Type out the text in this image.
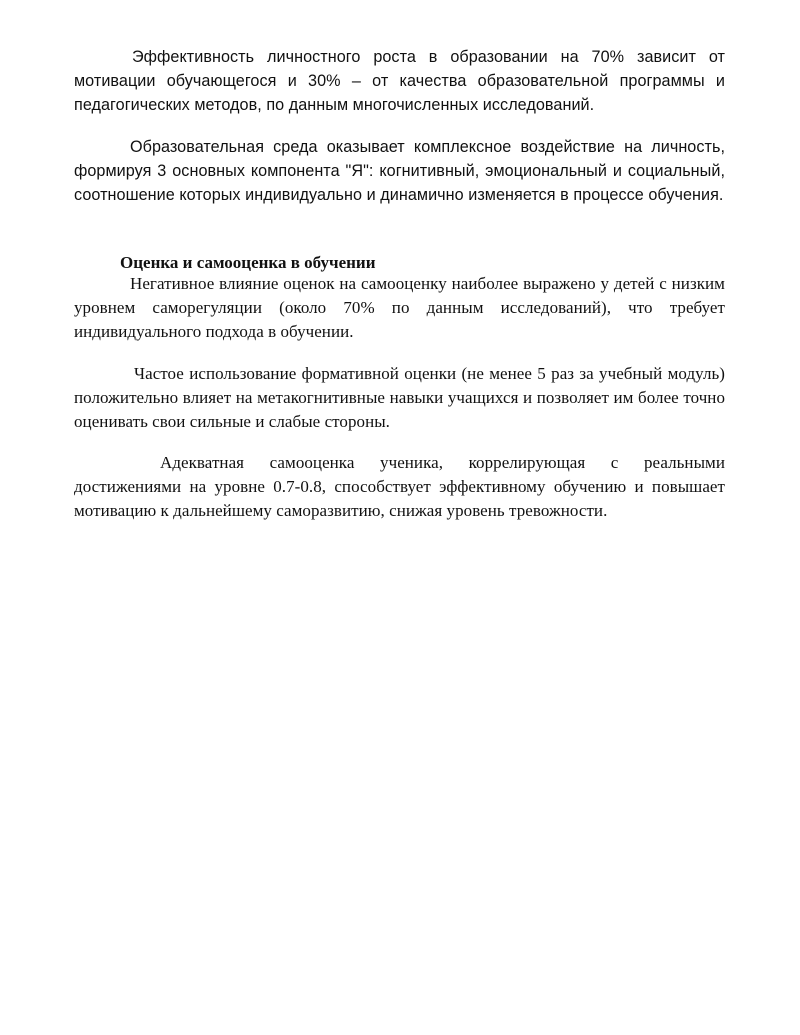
Эффективность личностного роста в образовании на 70% зависит от мотивации обучающегося и 30% – от качества образовательной программы и педагогических методов, по данным многочисленных исследований.

Образовательная среда оказывает комплексное воздействие на личность, формируя 3 основных компонента "Я": когнитивный, эмоциональный и социальный, соотношение которых индивидуально и динамично изменяется в процессе обучения.

Оценка и самооценка в обучении

Негативное влияние оценок на самооценку наиболее выражено у детей с низким уровнем саморегуляции (около 70% по данным исследований), что требует индивидуального подхода в обучении.

Частое использование формативной оценки (не менее 5 раз за учебный модуль) положительно влияет на метакогнитивные навыки учащихся и позволяет им более точно оценивать свои сильные и слабые стороны.

Адекватная самооценка ученика, коррелирующая с реальными достижениями на уровне 0.7-0.8, способствует эффективному обучению и повышает мотивацию к дальнейшему саморазвитию, снижая уровень тревожности.
